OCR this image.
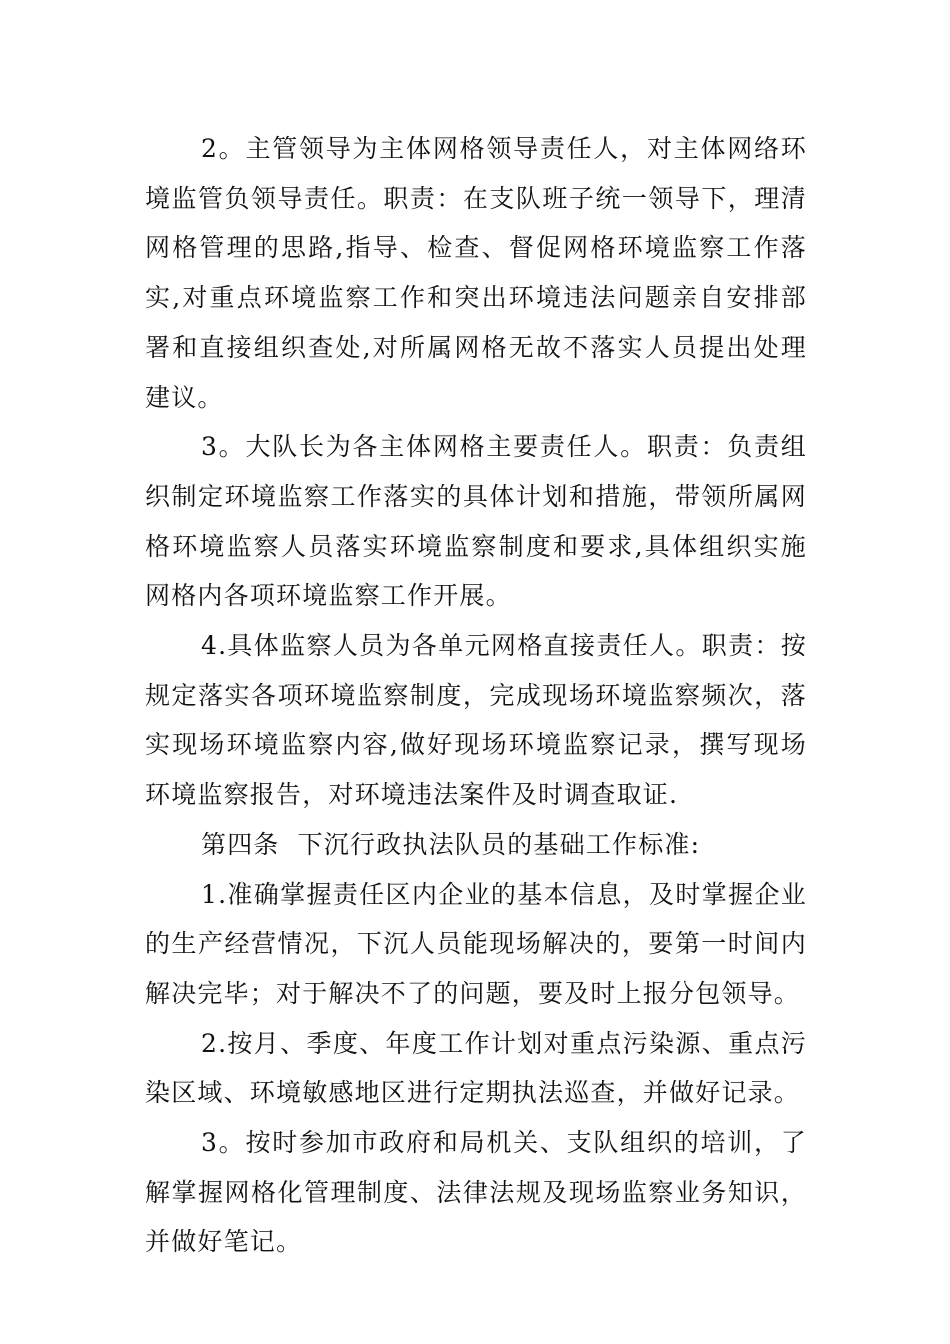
2。主管领导为主体网格领导责任人，对主体网络环境监管负领导责任。职责：在支队班子统一领导下，理清网格管理的思路,指导、检查、督促网格环境监察工作落实,对重点环境监察工作和突出环境违法问题亲自安排部署和直接组织查处,对所属网格无故不落实人员提出处理建议。

3。大队长为各主体网格主要责任人。职责：负责组织制定环境监察工作落实的具体计划和措施，带领所属网格环境监察人员落实环境监察制度和要求,具体组织实施网格内各项环境监察工作开展。

4.具体监察人员为各单元网格直接责任人。职责：按规定落实各项环境监察制度，完成现场环境监察频次，落实现场环境监察内容,做好现场环境监察记录，撰写现场环境监察报告，对环境违法案件及时调查取证.

第四条 下沉行政执法队员的基础工作标准:

1.准确掌握责任区内企业的基本信息，及时掌握企业的生产经营情况，下沉人员能现场解决的，要第一时间内解决完毕；对于解决不了的问题，要及时上报分包领导。

2.按月、季度、年度工作计划对重点污染源、重点污染区域、环境敏感地区进行定期执法巡查，并做好记录。

3。按时参加市政府和局机关、支队组织的培训，了解掌握网格化管理制度、法律法规及现场监察业务知识，并做好笔记。
